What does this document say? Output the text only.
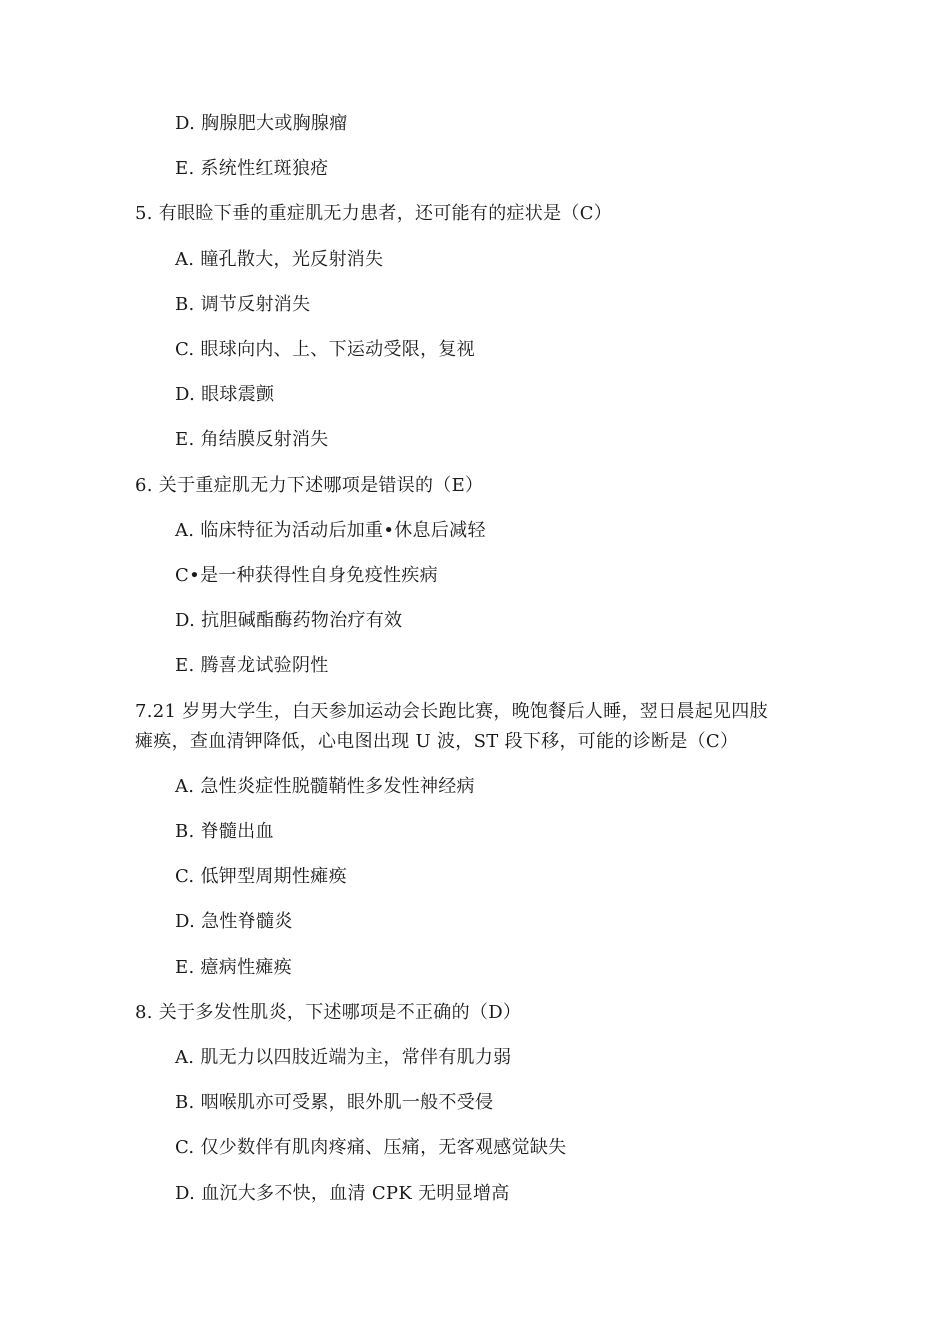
D. 胸腺肥大或胸腺瘤
E. 系统性红斑狼疮
5. 有眼睑下垂的重症肌无力患者，还可能有的症状是（C）
A. 瞳孔散大，光反射消失
B. 调节反射消失
C. 眼球向内、上、下运动受限，复视
D. 眼球震颤
E. 角结膜反射消失
6. 关于重症肌无力下述哪项是错误的（E）
A. 临床特征为活动后加重•休息后减轻
C•是一种获得性自身免疫性疾病
D. 抗胆碱酯酶药物治疗有效
E. 腾喜龙试验阴性
7.21 岁男大学生，白天参加运动会长跑比赛，晚饱餐后人睡，翌日晨起见四肢
瘫痪，查血清钾降低，心电图出现 U 波，ST 段下移，可能的诊断是（C）
A. 急性炎症性脱髓鞘性多发性神经病
B. 脊髓出血
C. 低钾型周期性瘫痪
D. 急性脊髓炎
E. 癔病性瘫痪
8. 关于多发性肌炎，下述哪项是不正确的（D）
A. 肌无力以四肢近端为主，常伴有肌力弱
B. 咽喉肌亦可受累，眼外肌一般不受侵
C. 仅少数伴有肌肉疼痛、压痛，无客观感觉缺失
D. 血沉大多不快，血清 CPK 无明显增高
